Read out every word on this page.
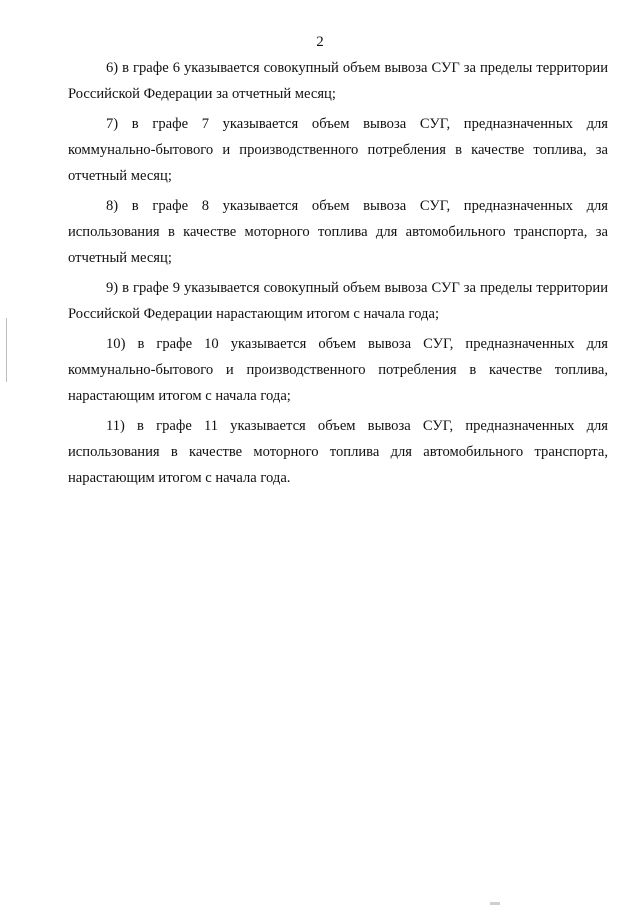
2

6) в графе 6 указывается совокупный объем вывоза СУГ за пределы территории Российской Федерации за отчетный месяц;

7) в графе 7 указывается объем вывоза СУГ, предназначенных для коммунально-бытового и производственного потребления в качестве топлива, за отчетный месяц;

8) в графе 8 указывается объем вывоза СУГ, предназначенных для использования в качестве моторного топлива для автомобильного транспорта, за отчетный месяц;

9) в графе 9 указывается совокупный объем вывоза СУГ за пределы территории Российской Федерации нарастающим итогом с начала года;

10) в графе 10 указывается объем вывоза СУГ, предназначенных для коммунально-бытового и производственного потребления в качестве топлива, нарастающим итогом с начала года;

11) в графе 11 указывается объем вывоза СУГ, предназначенных для использования в качестве моторного топлива для автомобильного транспорта, нарастающим итогом с начала года.
